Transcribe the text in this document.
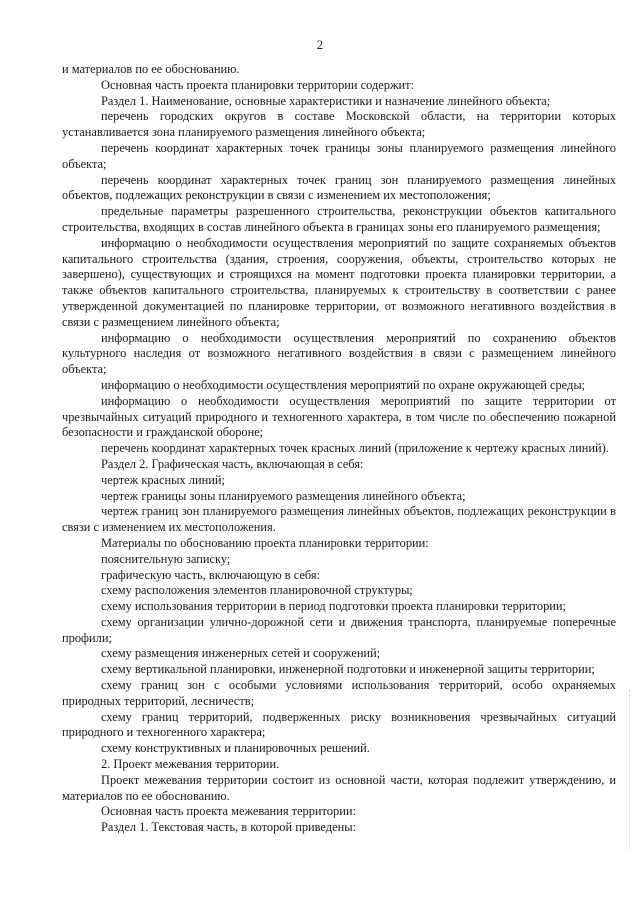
2

и материалов по ее обоснованию.

Основная часть проекта планировки территории содержит:

Раздел 1. Наименование, основные характеристики и назначение линейного объекта;

перечень городских округов в составе Московской области, на территории которых устанавливается зона планируемого размещения линейного объекта;

перечень координат характерных точек границы зоны планируемого размещения линейного объекта;

перечень координат характерных точек границ зон планируемого размещения линейных объектов, подлежащих реконструкции в связи с изменением их местоположения;

предельные параметры разрешенного строительства, реконструкции объектов капитального строительства, входящих в состав линейного объекта в границах зоны его планируемого размещения;

информацию о необходимости осуществления мероприятий по защите сохраняемых объектов капитального строительства (здания, строения, сооружения, объекты, строительство которых не завершено), существующих и строящихся на момент подготовки проекта планировки территории, а также объектов капитального строительства, планируемых к строительству в соответствии с ранее утвержденной документацией по планировке территории, от возможного негативного воздействия в связи с размещением линейного объекта;

информацию о необходимости осуществления мероприятий по сохранению объектов культурного наследия от возможного негативного воздействия в связи с размещением линейного объекта;

информацию о необходимости осуществления мероприятий по охране окружающей среды;

информацию о необходимости осуществления мероприятий по защите территории от чрезвычайных ситуаций природного и техногенного характера, в том числе по обеспечению пожарной безопасности и гражданской обороне;

перечень координат характерных точек красных линий (приложение к чертежу красных линий).

Раздел 2. Графическая часть, включающая в себя:

чертеж красных линий;

чертеж границы зоны планируемого размещения линейного объекта;

чертеж границ зон планируемого размещения линейных объектов, подлежащих реконструкции в связи с изменением их местоположения.

Материалы по обоснованию проекта планировки территории:

пояснительную записку;

графическую часть, включающую в себя:

схему расположения элементов планировочной структуры;

схему использования территории в период подготовки проекта планировки территории;

схему организации улично-дорожной сети и движения транспорта, планируемые поперечные профили;

схему размещения инженерных сетей и сооружений;

схему вертикальной планировки, инженерной подготовки и инженерной защиты территории;

схему границ зон с особыми условиями использования территорий, особо охраняемых природных территорий, лесничеств;

схему границ территорий, подверженных риску возникновения чрезвычайных ситуаций природного и техногенного характера;

схему конструктивных и планировочных решений.

2. Проект межевания территории.

Проект межевания территории состоит из основной части, которая подлежит утверждению, и материалов по ее обоснованию.

Основная часть проекта межевания территории:

Раздел 1. Текстовая часть, в которой приведены:
